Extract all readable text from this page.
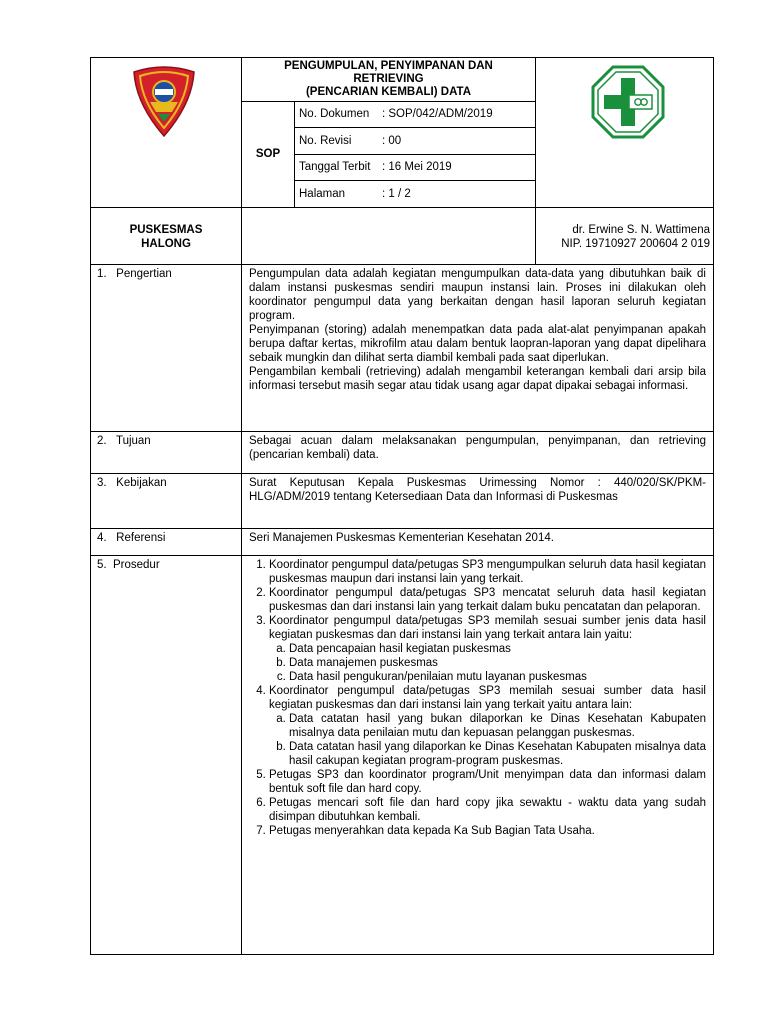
PENGUMPULAN, PENYIMPANAN DAN
RETRIEVING
(PENCARIAN KEMBALI) DATA
SOP
No. Dokumen : SOP/042/ADM/2019
No. Revisi	: 00
Tanggal Terbit : 16 Mei 2019
Halaman	: 1 / 2
PUSKESMAS
HALONG
dr. Erwine S. N. Wattimena
NIP. 19710927 200604 2 019
1.   Pengertian	Pengumpulan data adalah kegiatan mengumpulkan data-data yang dibutuhkan baik di dalam instansi puskesmas sendiri maupun instansi lain. Proses ini dilakukan oleh koordinator pengumpul data yang berkaitan dengan hasil laporan seluruh kegiatan program.

Penyimpanan (storing) adalah menempatkan data pada alat-alat penyimpanan apakah berupa daftar kertas, mikrofilm atau dalam bentuk laopran-laporan yang dapat dipelihara sebaik mungkin dan dilihat serta diambil kembali pada saat diperlukan.

Pengambilan kembali (retrieving) adalah mengambil keterangan kembali dari arsip bila informasi tersebut masih segar atau tidak usang agar dapat dipakai sebagai informasi.

2.   Tujuan	Sebagai acuan dalam melaksanakan pengumpulan, penyimpanan, dan retrieving (pencarian kembali) data.

3.   Kebijakan	Surat Keputusan Kepala Puskesmas Urimessing Nomor : 440/020/SK/PKM-HLG/ADM/2019 tentang Ketersediaan Data dan Informasi di Puskesmas

4.   Referensi	Seri Manajemen Puskesmas Kementerian Kesehatan 2014.

5.  Prosedur
1.	Koordinator pengumpul data/petugas SP3 mengumpulkan seluruh data hasil kegiatan puskesmas maupun dari instansi lain yang terkait.
2. Koordinator pengumpul data/petugas SP3 mencatat seluruh data hasil kegiatan puskesmas dan dari instansi lain yang terkait dalam buku pencatatan dan pelaporan.
3. Koordinator pengumpul data/petugas SP3 memilah sesuai sumber jenis data hasil kegiatan puskesmas dan dari instansi lain yang terkait antara lain yaitu:
a. Data pencapaian hasil kegiatan puskesmas
b. Data manajemen puskesmas
c. Data hasil pengukuran/penilaian mutu layanan puskesmas
4. Koordinator pengumpul data/petugas SP3 memilah sesuai sumber data hasil kegiatan puskesmas dan dari instansi lain yang terkait yaitu antara lain:
a. Data catatan hasil yang bukan dilaporkan ke Dinas Kesehatan Kabupaten misalnya data penilaian mutu dan kepuasan pelanggan puskesmas.
b. Data catatan hasil yang dilaporkan ke Dinas Kesehatan Kabupaten misalnya data hasil cakupan kegiatan program-program puskesmas.
5. Petugas SP3 dan koordinator program/Unit menyimpan data dan informasi dalam bentuk soft file dan hard copy.
6. Petugas mencari soft file dan hard copy jika sewaktu - waktu data yang sudah disimpan dibutuhkan kembali.
7. Petugas menyerahkan data kepada Ka Sub Bagian Tata Usaha.
